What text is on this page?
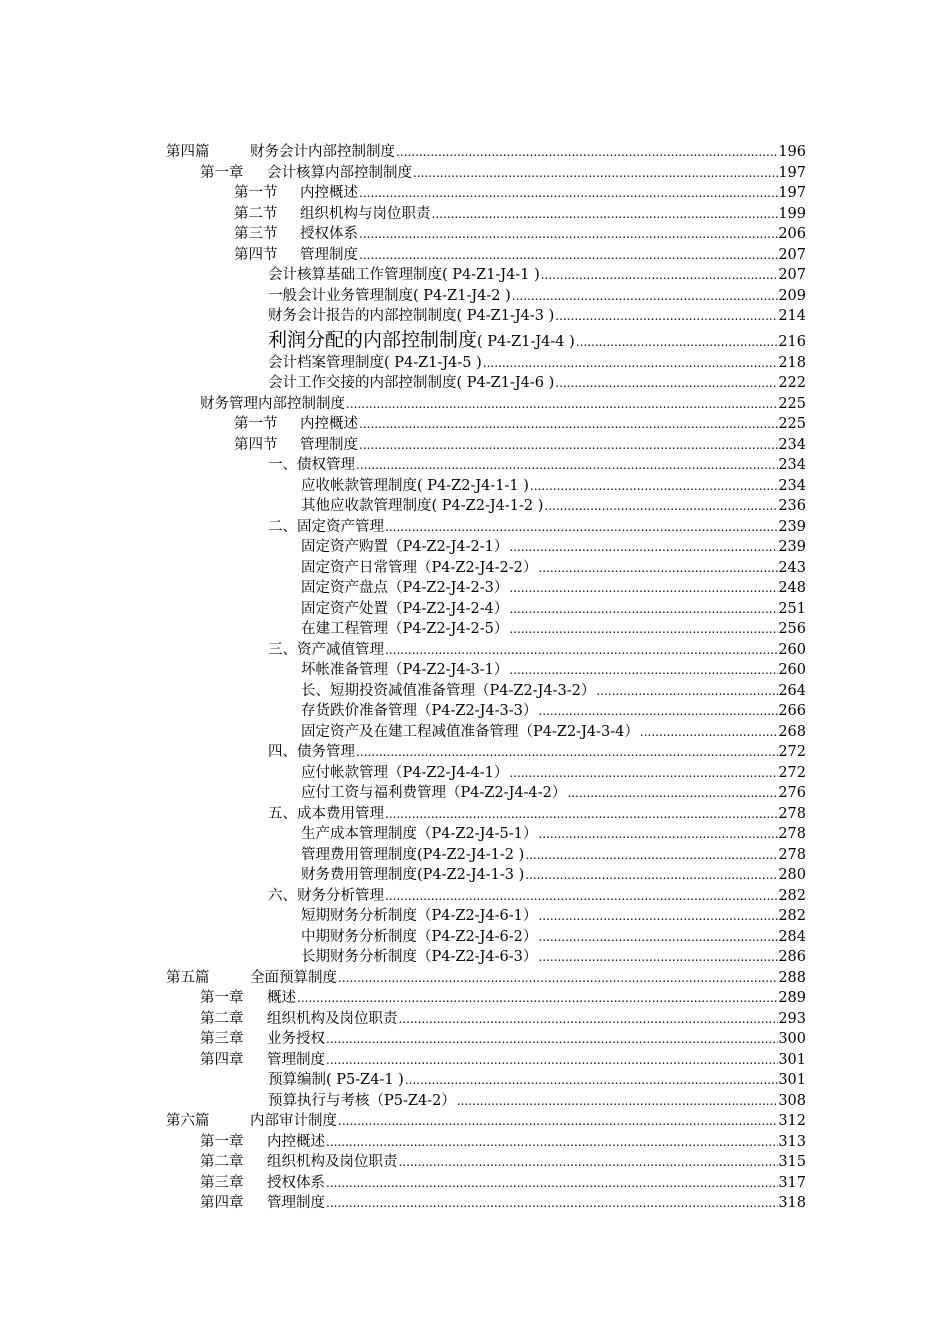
第四篇	财务会计内部控制制度 .....	196
第一章 会计核算内部控制制度 .....	197
第一节 内控概述 .....	197
第二节 组织机构与岗位职责 .....	199
第三节 授权体系 .....	206
第四节 管理制度 .....	207
会计核算基础工作管理制度( P4-Z1-J4-1 ) .....	207
一般会计业务管理制度( P4-Z1-J4-2 ) .....	209
财务会计报告的内部控制制度( P4-Z1-J4-3 ) .....	214
利润分配的内部控制制度( P4-Z1-J4-4 ) .....	216
会计档案管理制度( P4-Z1-J4-5 ) .....	218
会计工作交接的内部控制制度( P4-Z1-J4-6 ) .....	222
财务管理内部控制制度 .....	225
第一节 内控概述 .....	225
第四节 管理制度 .....	234
一、债权管理 .....	234
应收帐款管理制度( P4-Z2-J4-1-1 ) .....	234
其他应收款管理制度( P4-Z2-J4-1-2 ) .....	236
二、固定资产管理 .....	239
固定资产购置（P4-Z2-J4-2-1） .....	239
固定资产日常管理（P4-Z2-J4-2-2） .....	243
固定资产盘点（P4-Z2-J4-2-3） .....	248
固定资产处置（P4-Z2-J4-2-4） .....	251
在建工程管理（P4-Z2-J4-2-5） .....	256
三、资产减值管理 .....	260
坏帐准备管理（P4-Z2-J4-3-1） .....	260
长、短期投资减值准备管理（P4-Z2-J4-3-2） .....	264
存货跌价准备管理（P4-Z2-J4-3-3） .....	266
固定资产及在建工程减值准备管理（P4-Z2-J4-3-4） .....	268
四、债务管理 .....	272
应付帐款管理（P4-Z2-J4-4-1） .....	272
应付工资与福利费管理（P4-Z2-J4-4-2） .....	276
五、成本费用管理 .....	278
生产成本管理制度（P4-Z2-J4-5-1） .....	278
管理费用管理制度(P4-Z2-J4-1-2 ) .....	278
财务费用管理制度(P4-Z2-J4-1-3 ) .....	280
六、财务分析管理 .....	282
短期财务分析制度（P4-Z2-J4-6-1） .....	282
中期财务分析制度（P4-Z2-J4-6-2） .....	284
长期财务分析制度（P4-Z2-J4-6-3） .....	286
第五篇	全面预算制度 .....	288
第一章 概述 .....	289
第二章 组织机构及岗位职责 .....	293
第三章 业务授权 .....	300
第四章 管理制度 .....	301
预算编制( P5-Z4-1 ) .....	301
预算执行与考核（P5-Z4-2） .....	308
第六篇	内部审计制度 .....	312
第一章 内控概述 .....	313
第二章 组织机构及岗位职责 .....	315
第三章 授权体系 .....	317
第四章 管理制度 .....	318
